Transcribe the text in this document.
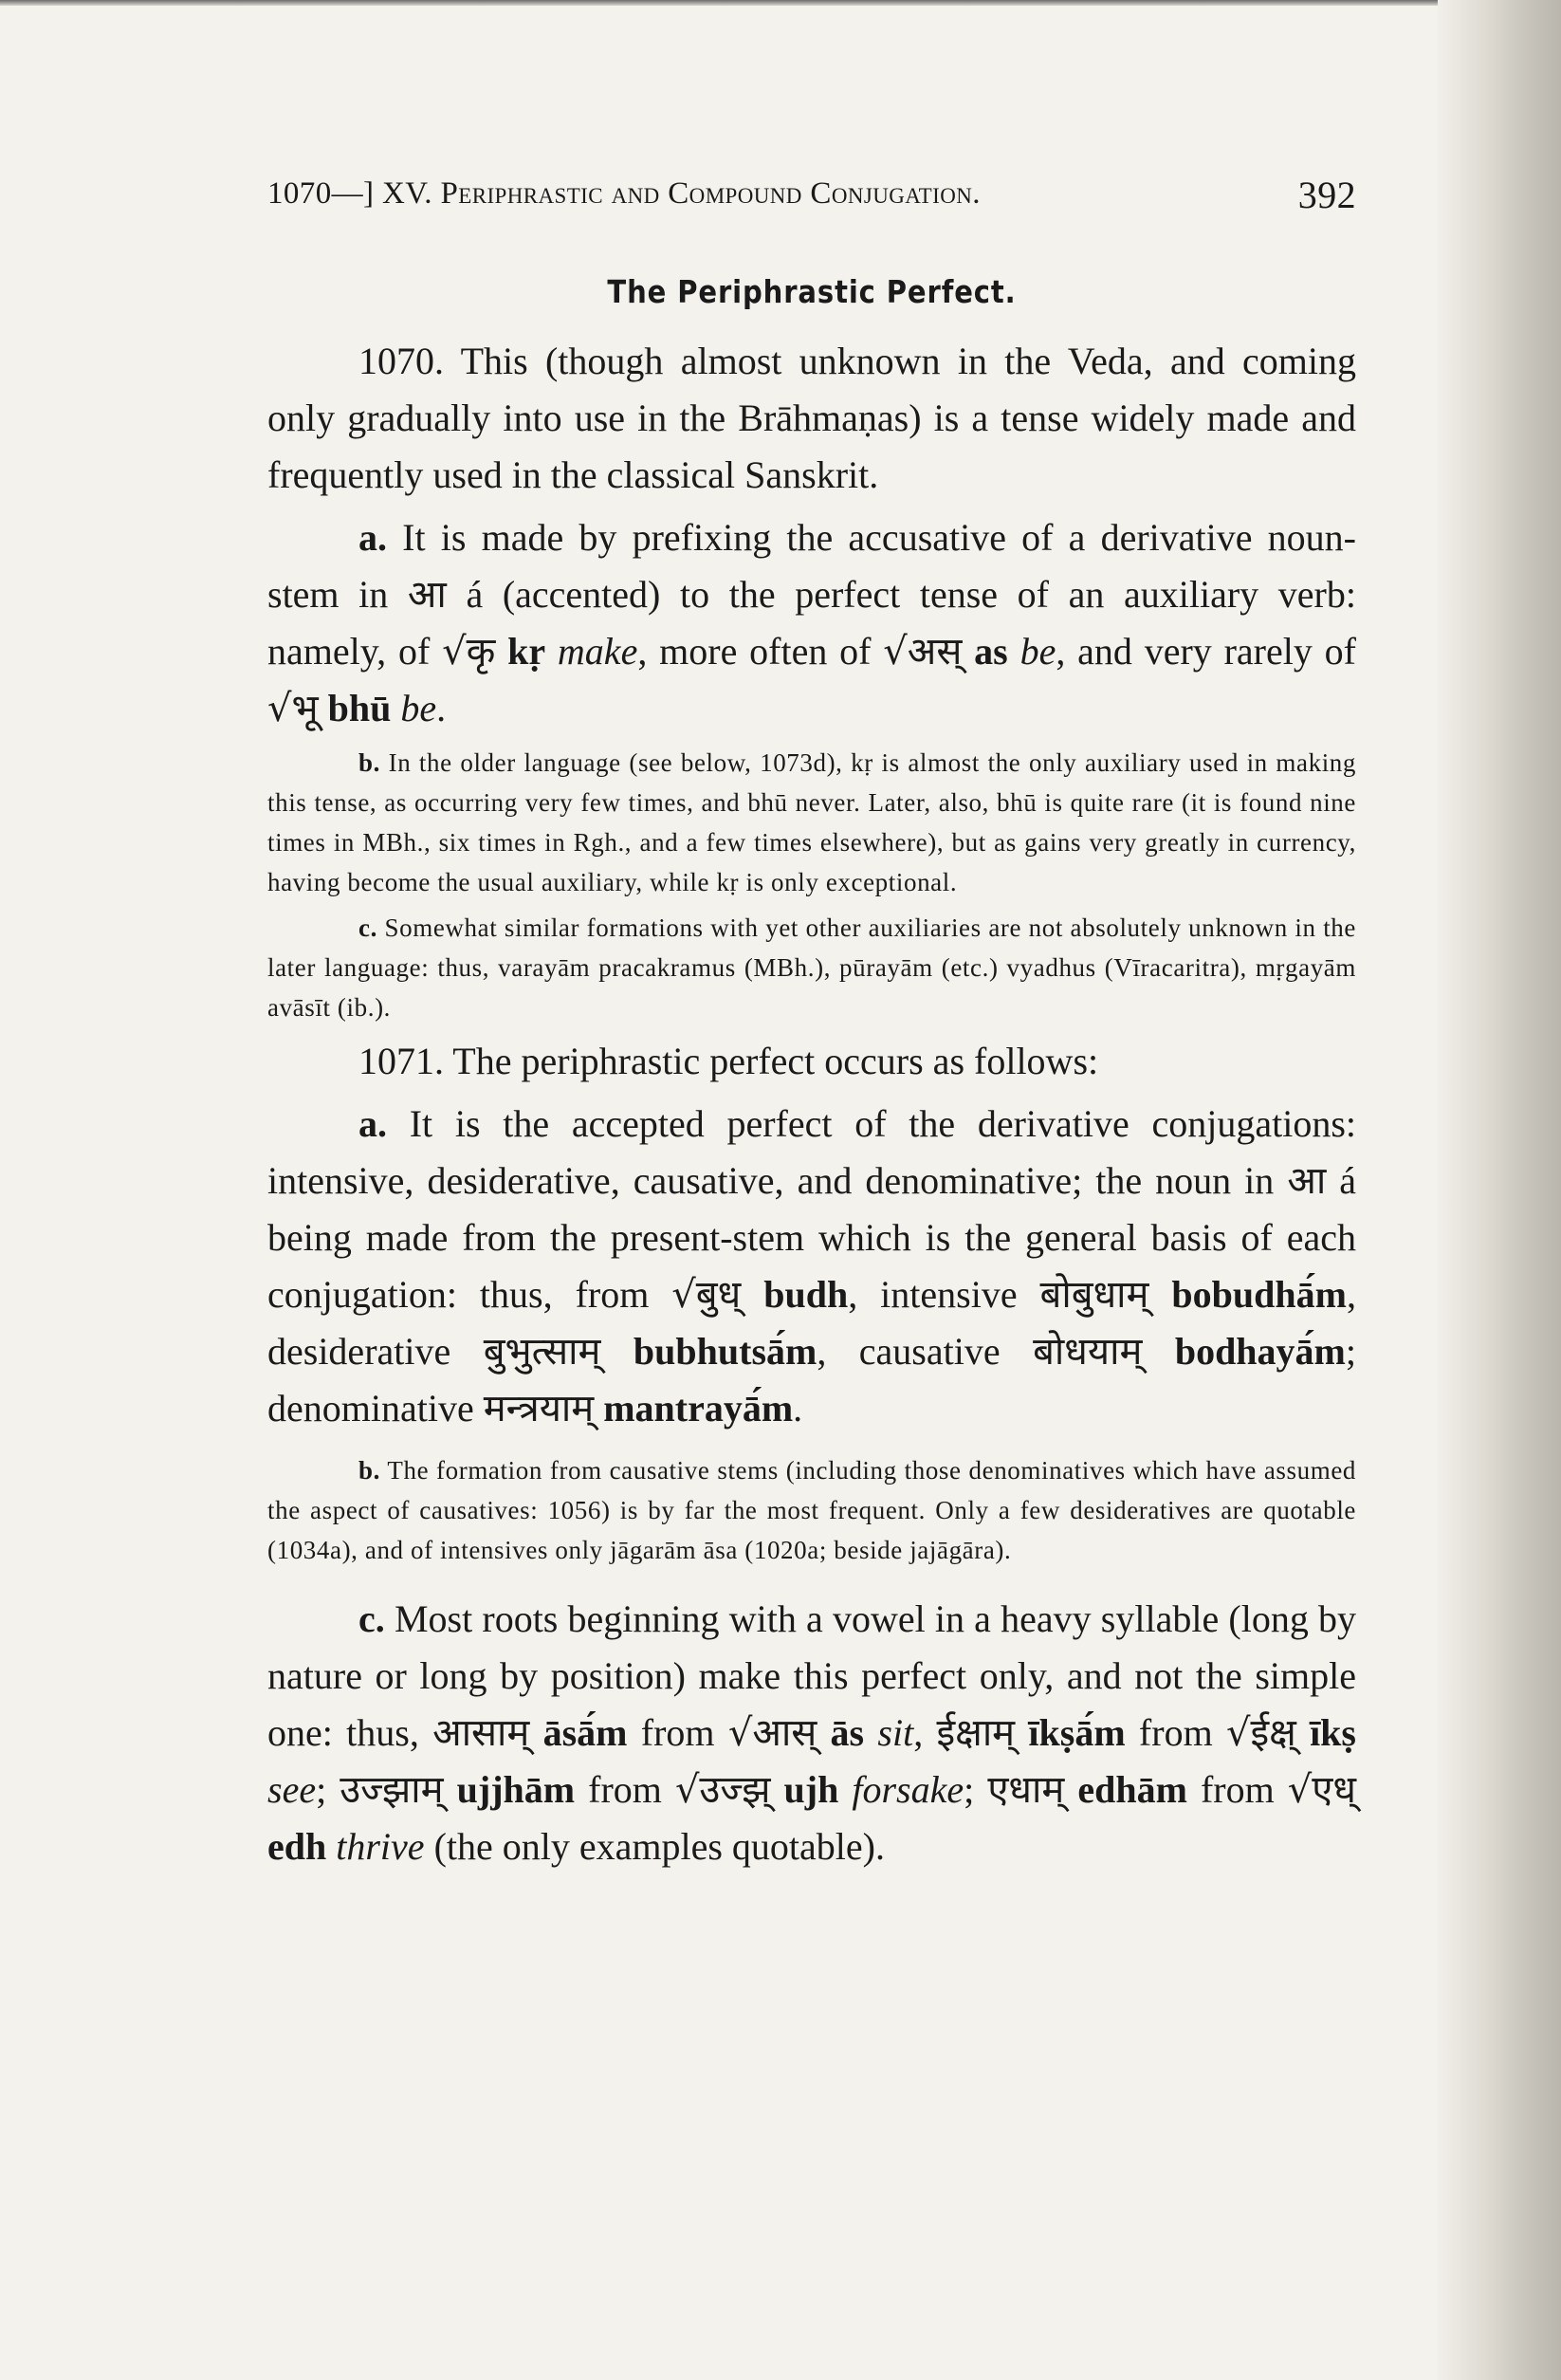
1070—] XV. Periphrastic and Compound Conjugation.	392
The Periphrastic Perfect.

1070. This (though almost unknown in the Veda, and coming only gradually into use in the Brāhmaṇas) is a tense widely made and frequently used in the classical Sanskrit.

a. It is made by prefixing the accusative of a derivative noun-stem in आ á (accented) to the perfect tense of an auxiliary verb: namely, of √कृ kṛ make, more often of √अस् as be, and very rarely of √भू bhū be.

b. In the older language (see below, 1073d), kṛ is almost the only auxiliary used in making this tense, as occurring very few times, and bhū never. Later, also, bhū is quite rare (it is found nine times in MBh., six times in Rgh., and a few times elsewhere), but as gains very greatly in currency, having become the usual auxiliary, while kṛ is only exceptional.

c. Somewhat similar formations with yet other auxiliaries are not absolutely unknown in the later language: thus, varayām pracakramus (MBh.), pūrayām (etc.) vyadhus (Vīracaritra), mṛgayām avāsīt (ib.).

1071. The periphrastic perfect occurs as follows:

a. It is the accepted perfect of the derivative conjugations: intensive, desiderative, causative, and denominative; the noun in आ á being made from the present-stem which is the general basis of each conjugation: thus, from √बुध् budh, intensive बोबुधाम् bobudhā́m, desiderative बुभुत्साम् bubhutsā́m, causative बोधयाम् bodhayā́m; denominative मन्त्रयाम् mantrayā́m.

b. The formation from causative stems (including those denominatives which have assumed the aspect of causatives: 1056) is by far the most frequent. Only a few desideratives are quotable (1034a), and of intensives only jāgarām āsa (1020a; beside jajāgāra).

c. Most roots beginning with a vowel in a heavy syllable (long by nature or long by position) make this perfect only, and not the simple one: thus, आसाम् āsā́m from √आस् ās sit, ईक्षाम् īkṣā́m from √ईक्ष् īkṣ see; उज्झाम् ujjhām from √उज्झ् ujh forsake; एधाम् edhām from √एध् edh thrive (the only examples quotable).
